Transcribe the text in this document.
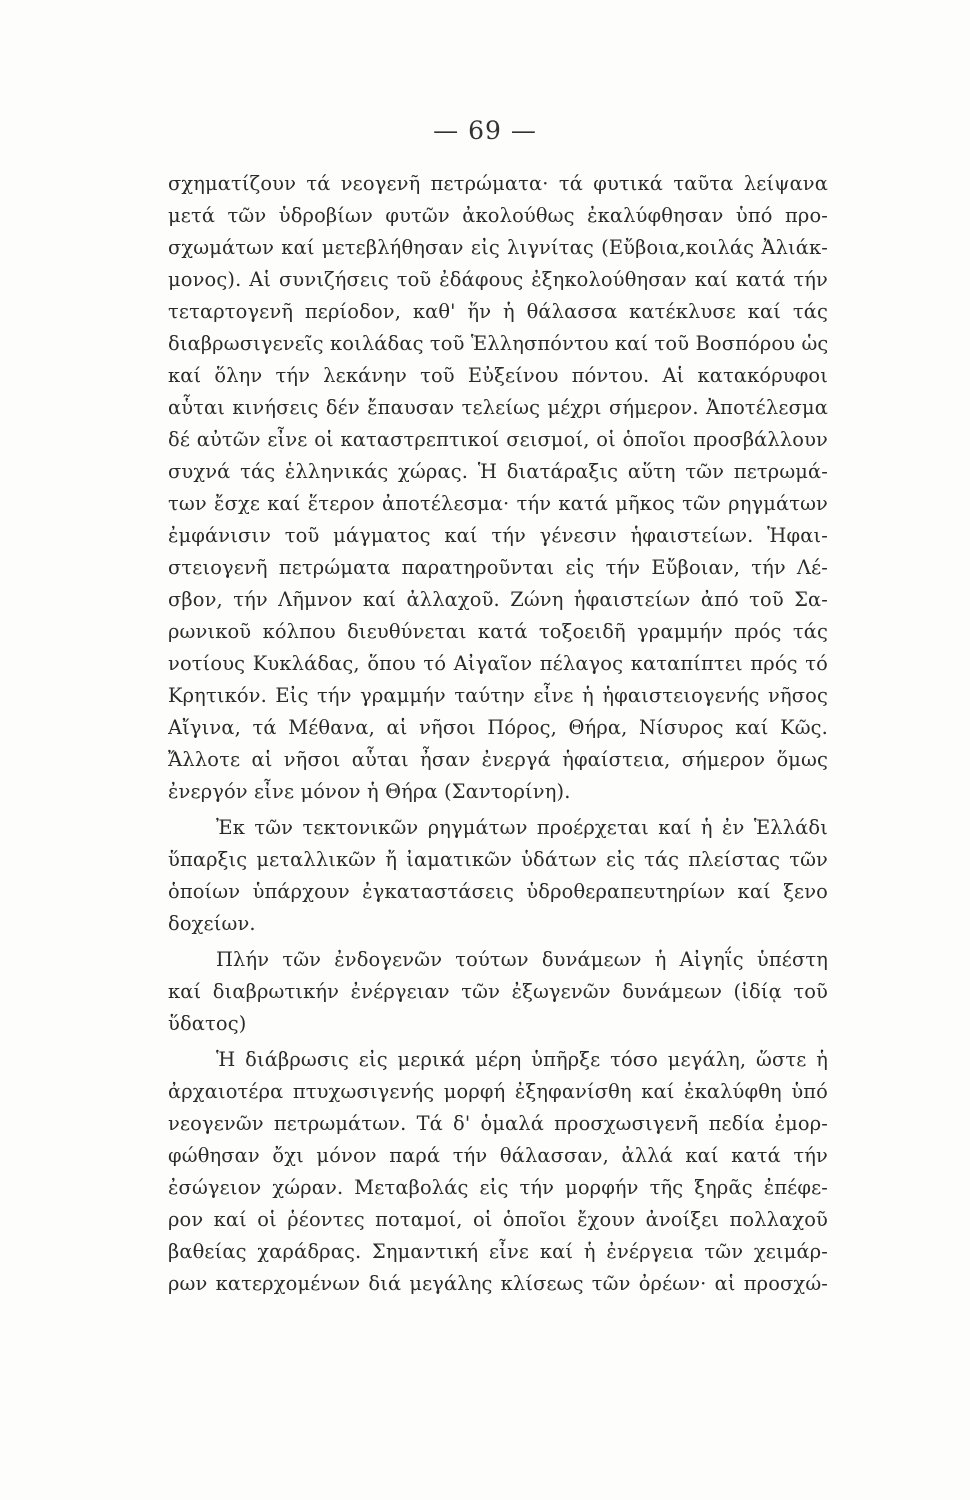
— 69 —
σχηματίζουν τά νεογενῆ πετρώματα· τά φυτικά ταῦτα λείψανα
μετά τῶν ὑδροβίων φυτῶν ἀκολούθως ἐκαλύφθησαν ὑπό προ-
σχωμάτων καί μετεβλήθησαν εἰς λιγνίτας (Εὔβοια,κοιλάς Ἀλιάκ-
μονος). Αἱ συνιζήσεις τοῦ ἐδάφους ἐξηκολούθησαν καί κατά τήν
τεταρτογενῆ περίοδον, καθ' ἥν ἡ θάλασσα κατέκλυσε καί τάς
διαβρωσιγενεῖς κοιλάδας τοῦ Ἑλλησπόντου καί τοῦ Βοσπόρου ὡς
καί ὅλην τήν λεκάνην τοῦ Εὐξείνου πόντου. Αἱ κατακόρυφοι
αὗται κινήσεις δέν ἔπαυσαν τελείως μέχρι σήμερον. Ἀποτέλεσμα
δέ αὐτῶν εἶνε οἱ καταστρεπτικοί σεισμοί, οἱ ὁποῖοι προσβάλλουν
συχνά τάς ἑλληνικάς χώρας. Ἡ διατάραξις αὕτη τῶν πετρωμά-
των ἔσχε καί ἕτερον ἀποτέλεσμα· τήν κατά μῆκος τῶν ρηγμάτων
ἐμφάνισιν τοῦ μάγματος καί τήν γένεσιν ἡφαιστείων. Ἡφαι-
στειογενῆ πετρώματα παρατηροῦνται εἰς τήν Εὔβοιαν, τήν Λέ-
σβον, τήν Λῆμνον καί ἀλλαχοῦ. Ζώνη ἡφαιστείων ἀπό τοῦ Σα-
ρωνικοῦ κόλπου διευθύνεται κατά τοξοειδῆ γραμμήν πρός τάς
νοτίους Κυκλάδας, ὅπου τό Αἰγαῖον πέλαγος καταπίπτει πρός τό
Κρητικόν. Εἰς τήν γραμμήν ταύτην εἶνε ἡ ἡφαιστειογενής νῆσος
Αἴγινα, τά Μέθανα, αἱ νῆσοι Πόρος, Θήρα, Νίσυρος καί Κῶς.
Ἄλλοτε αἱ νῆσοι αὗται ἦσαν ἐνεργά ἡφαίστεια, σήμερον ὅμως
ἐνεργόν εἶνε μόνον ἡ Θήρα (Σαντορίνη).
Ἐκ τῶν τεκτονικῶν ρηγμάτων προέρχεται καί ἡ ἐν Ἑλλάδι
ὕπαρξις μεταλλικῶν ἤ ἰαματικῶν ὑδάτων εἰς τάς πλείστας τῶν
ὁποίων ὑπάρχουν ἐγκαταστάσεις ὑδροθεραπευτηρίων καί ξενο
δοχείων.
Πλήν τῶν ἐνδογενῶν τούτων δυνάμεων ἡ Αἰγηΐς ὑπέστη
καί διαβρωτικήν ἐνέργειαν τῶν ἐξωγενῶν δυνάμεων (ἰδίᾳ τοῦ
ὕδατος)
Ἡ διάβρωσις εἰς μερικά μέρη ὑπῆρξε τόσο μεγάλη, ὥστε ἡ
ἀρχαιοτέρα πτυχωσιγενής μορφή ἐξηφανίσθη καί ἐκαλύφθη ὑπό
νεογενῶν πετρωμάτων. Τά δ' ὁμαλά προσχωσιγενῆ πεδία ἐμορ-
φώθησαν ὄχι μόνον παρά τήν θάλασσαν, ἀλλά καί κατά τήν
ἐσώγειον χώραν. Μεταβολάς εἰς τήν μορφήν τῆς ξηρᾶς ἐπέφε-
ρον καί οἱ ῥέοντες ποταμοί, οἱ ὁποῖοι ἔχουν ἀνοίξει πολλαχοῦ
βαθείας χαράδρας. Σημαντική εἶνε καί ἡ ἐνέργεια τῶν χειμάρ-
ρων κατερχομένων διά μεγάλης κλίσεως τῶν ὀρέων· αἱ προσχώ-
